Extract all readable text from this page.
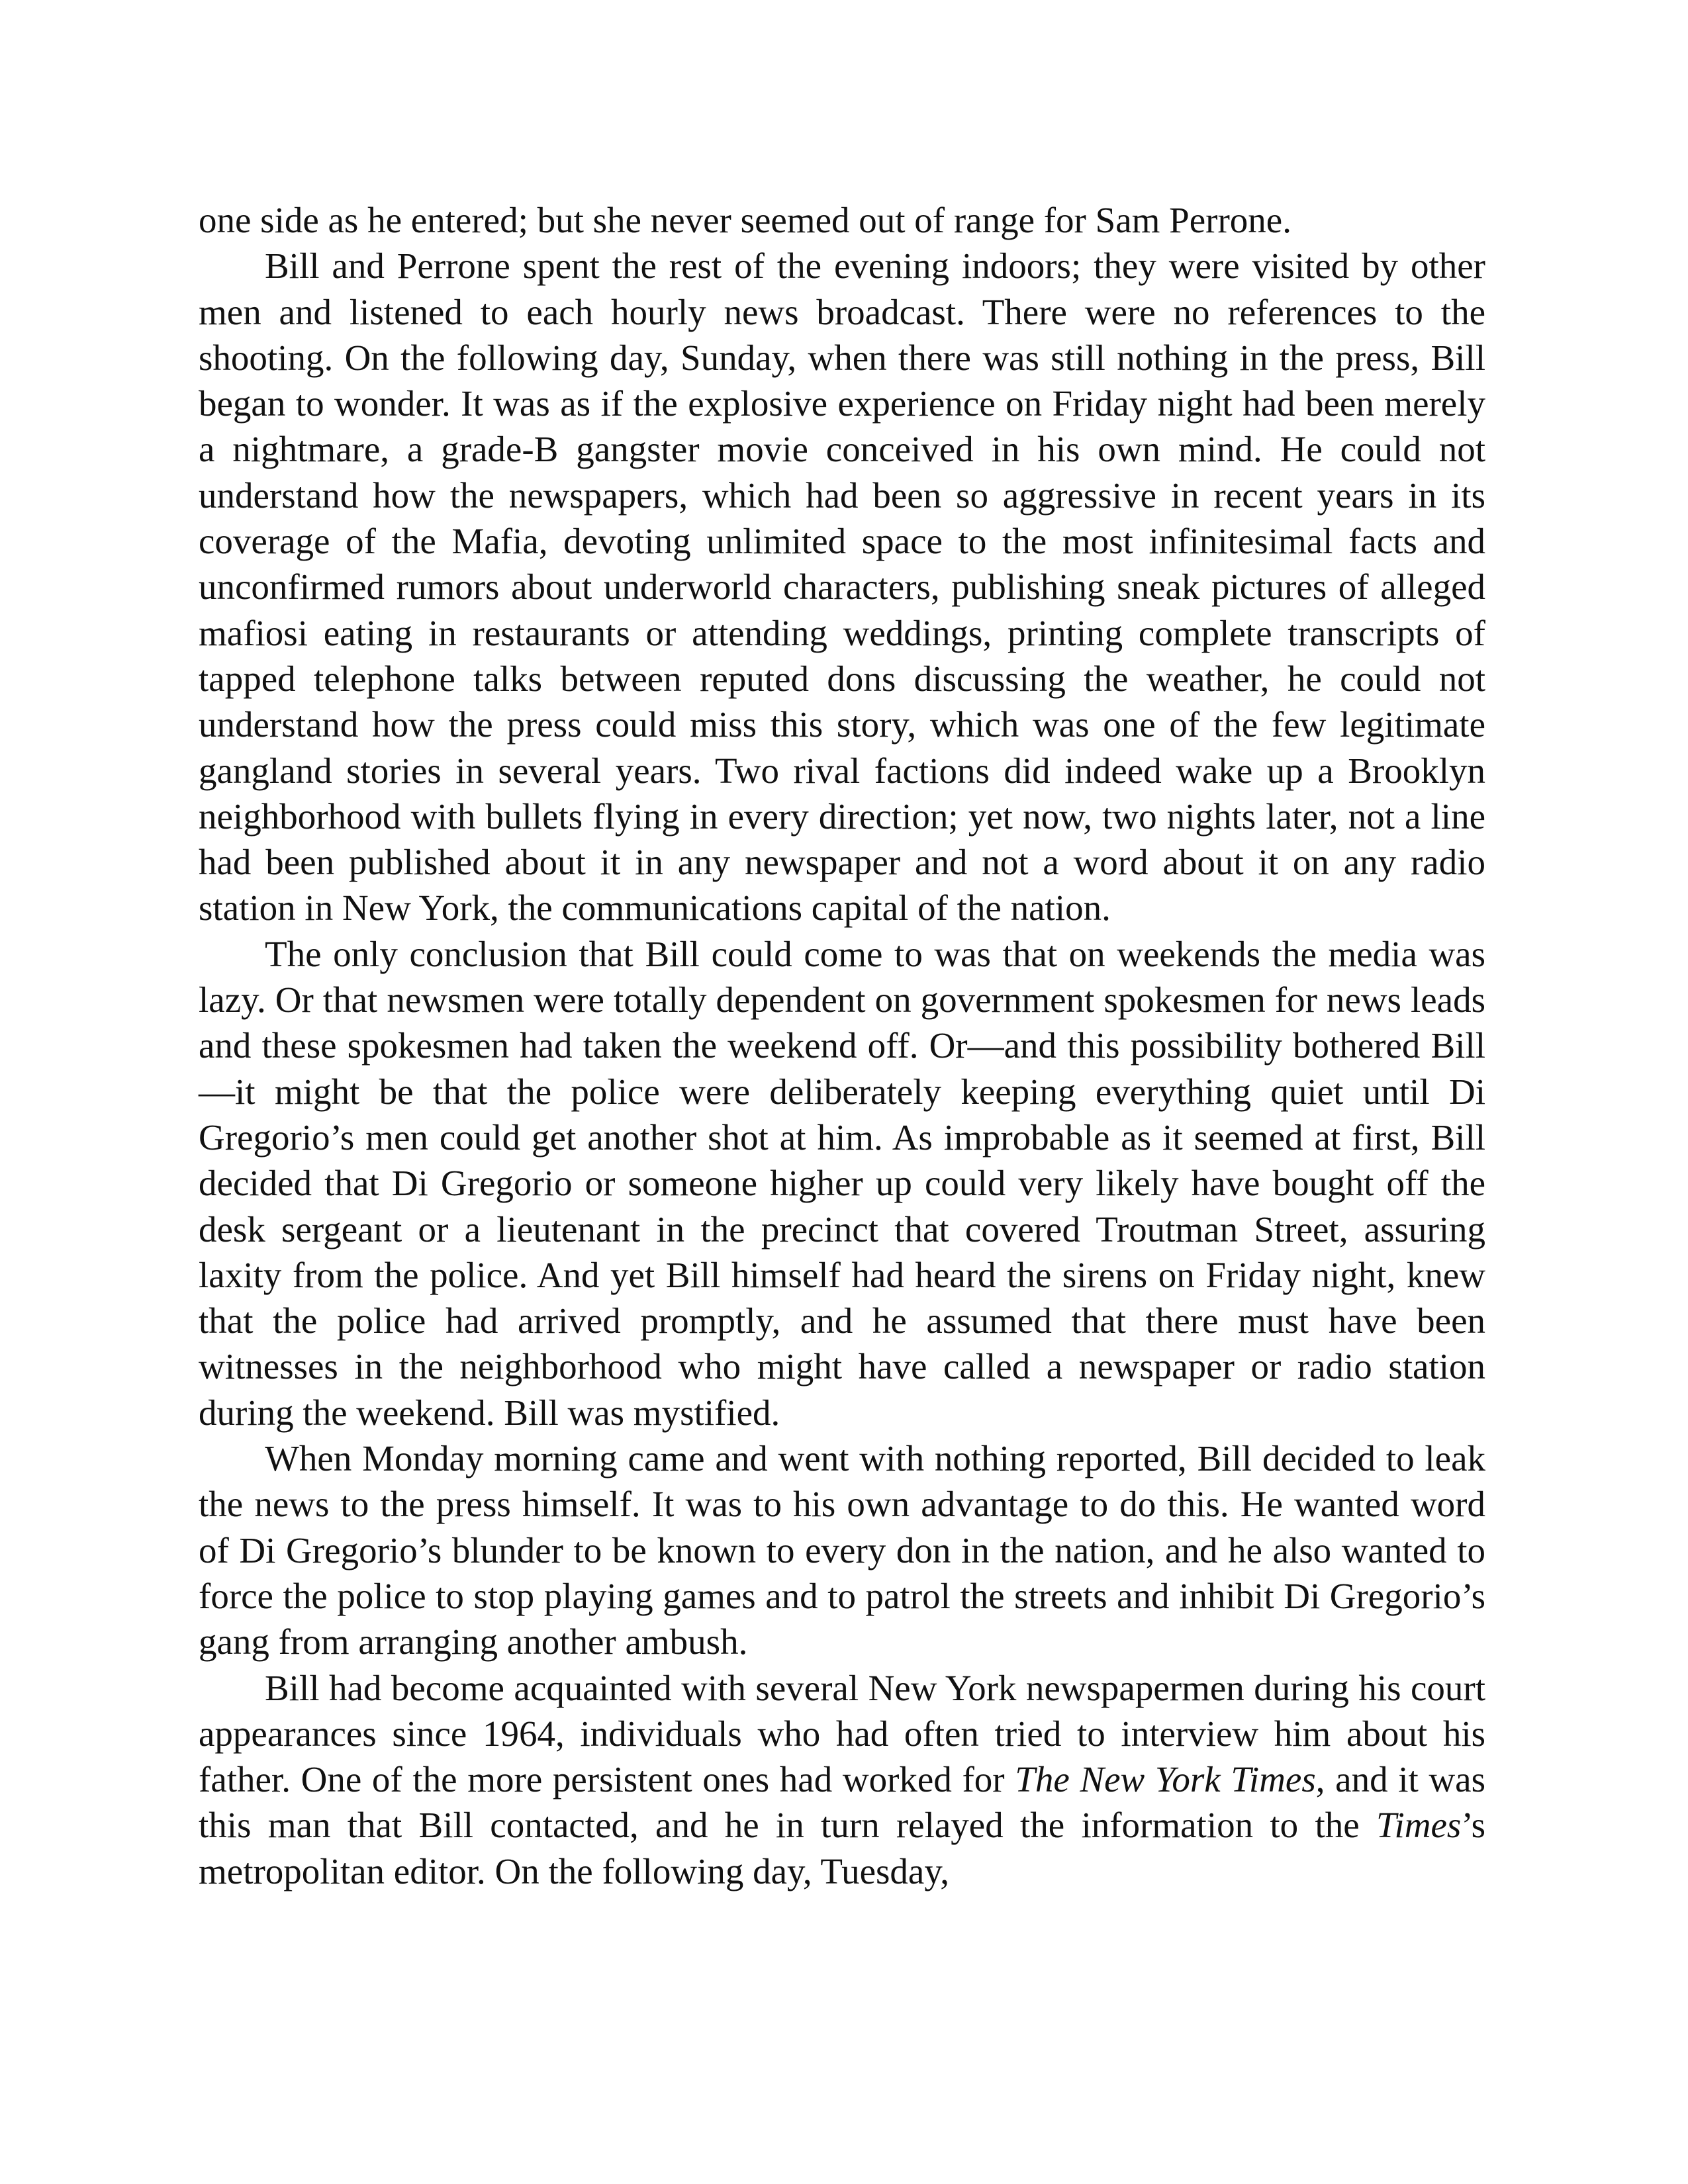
one side as he entered; but she never seemed out of range for Sam Perrone.

Bill and Perrone spent the rest of the evening indoors; they were visited by other men and listened to each hourly news broadcast. There were no references to the shooting. On the following day, Sunday, when there was still nothing in the press, Bill began to wonder. It was as if the explosive experience on Friday night had been merely a nightmare, a grade-B gangster movie conceived in his own mind. He could not understand how the newspapers, which had been so aggressive in recent years in its coverage of the Mafia, devoting unlimited space to the most infinitesimal facts and unconfirmed rumors about underworld characters, publishing sneak pictures of alleged mafiosi eating in restaurants or attending weddings, printing complete transcripts of tapped telephone talks between reputed dons discussing the weather, he could not understand how the press could miss this story, which was one of the few legitimate gangland stories in several years. Two rival factions did indeed wake up a Brooklyn neighborhood with bullets flying in every direction; yet now, two nights later, not a line had been published about it in any newspaper and not a word about it on any radio station in New York, the communications capital of the nation.

The only conclusion that Bill could come to was that on weekends the media was lazy. Or that newsmen were totally dependent on government spokesmen for news leads and these spokesmen had taken the weekend off. Or—and this possibility bothered Bill—it might be that the police were deliberately keeping everything quiet until Di Gregorio’s men could get another shot at him. As improbable as it seemed at first, Bill decided that Di Gregorio or someone higher up could very likely have bought off the desk sergeant or a lieutenant in the precinct that covered Troutman Street, assuring laxity from the police. And yet Bill himself had heard the sirens on Friday night, knew that the police had arrived promptly, and he assumed that there must have been witnesses in the neighborhood who might have called a newspaper or radio station during the weekend. Bill was mystified.

When Monday morning came and went with nothing reported, Bill decided to leak the news to the press himself. It was to his own advantage to do this. He wanted word of Di Gregorio’s blunder to be known to every don in the nation, and he also wanted to force the police to stop playing games and to patrol the streets and inhibit Di Gregorio’s gang from arranging another ambush.

Bill had become acquainted with several New York newspapermen during his court appearances since 1964, individuals who had often tried to interview him about his father. One of the more persistent ones had worked for The New York Times, and it was this man that Bill contacted, and he in turn relayed the information to the Times’s metropolitan editor. On the following day, Tuesday,
